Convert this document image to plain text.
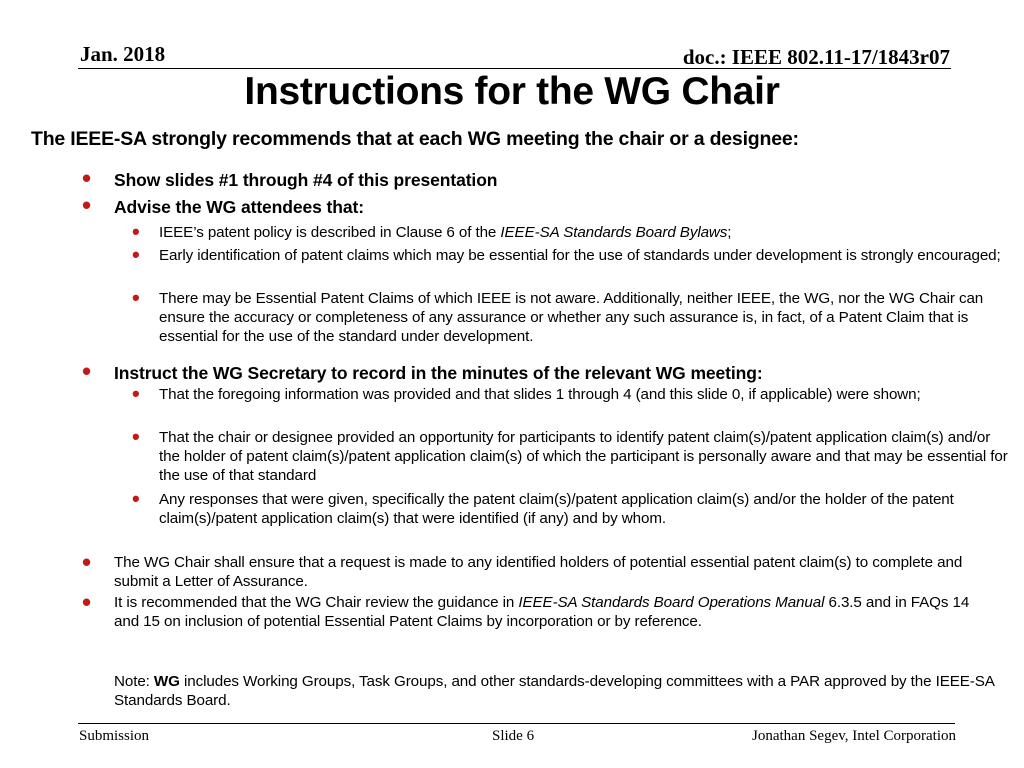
Jan. 2018	doc.: IEEE 802.11-17/1843r07
Instructions for the WG Chair
The IEEE-SA strongly recommends that at each WG meeting the chair or a designee:
• Show slides #1 through #4 of this presentation
• Advise the WG attendees that:
• IEEE’s patent policy is described in Clause 6 of the IEEE-SA Standards Board Bylaws;
• Early identification of patent claims which may be essential for the use of standards under development is strongly encouraged;
• There may be Essential Patent Claims of which IEEE is not aware. Additionally, neither IEEE, the WG, nor the WG Chair can ensure the accuracy or completeness of any assurance or whether any such assurance is, in fact, of a Patent Claim that is essential for the use of the standard under development.
• Instruct the WG Secretary to record in the minutes of the relevant WG meeting:
• That the foregoing information was provided and that slides 1 through 4 (and this slide 0, if applicable) were shown;
• That the chair or designee provided an opportunity for participants to identify patent claim(s)/patent application claim(s) and/or the holder of patent claim(s)/patent application claim(s) of which the participant is personally aware and that may be essential for the use of that standard
• Any responses that were given, specifically the patent claim(s)/patent application claim(s) and/or the holder of the patent claim(s)/patent application claim(s) that were identified (if any) and by whom.
• The WG Chair shall ensure that a request is made to any identified holders of potential essential patent claim(s) to complete and submit a Letter of Assurance.
• It is recommended that the WG Chair review the guidance in IEEE-SA Standards Board Operations Manual 6.3.5 and in FAQs 14 and 15 on inclusion of potential Essential Patent Claims by incorporation or by reference.
Note: WG includes Working Groups, Task Groups, and other standards-developing committees with a PAR approved by the IEEE-SA Standards Board.
Submission	Slide 6	Jonathan Segev, Intel Corporation
